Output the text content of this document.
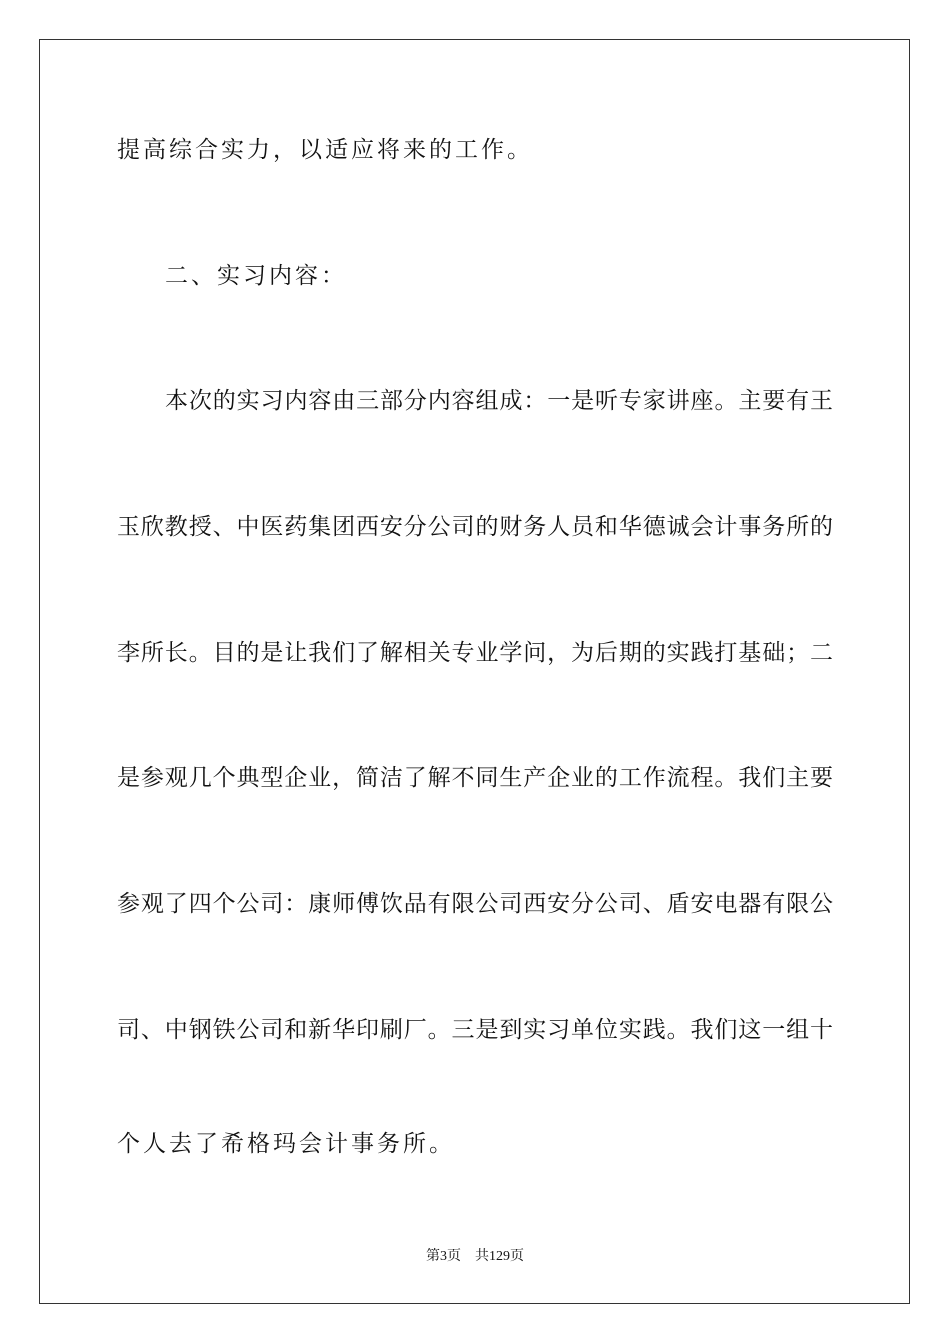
提高综合实力，以适应将来的工作。
二、实习内容：
本次的实习内容由三部分内容组成：一是听专家讲座。主要有王
玉欣教授、中医药集团西安分公司的财务人员和华德诚会计事务所的
李所长。目的是让我们了解相关专业学问，为后期的实践打基础；二
是参观几个典型企业，简洁了解不同生产企业的工作流程。我们主要
参观了四个公司：康师傅饮品有限公司西安分公司、盾安电器有限公
司、中钢铁公司和新华印刷厂。三是到实习单位实践。我们这一组十
个人去了希格玛会计事务所。
第3页 共129页
